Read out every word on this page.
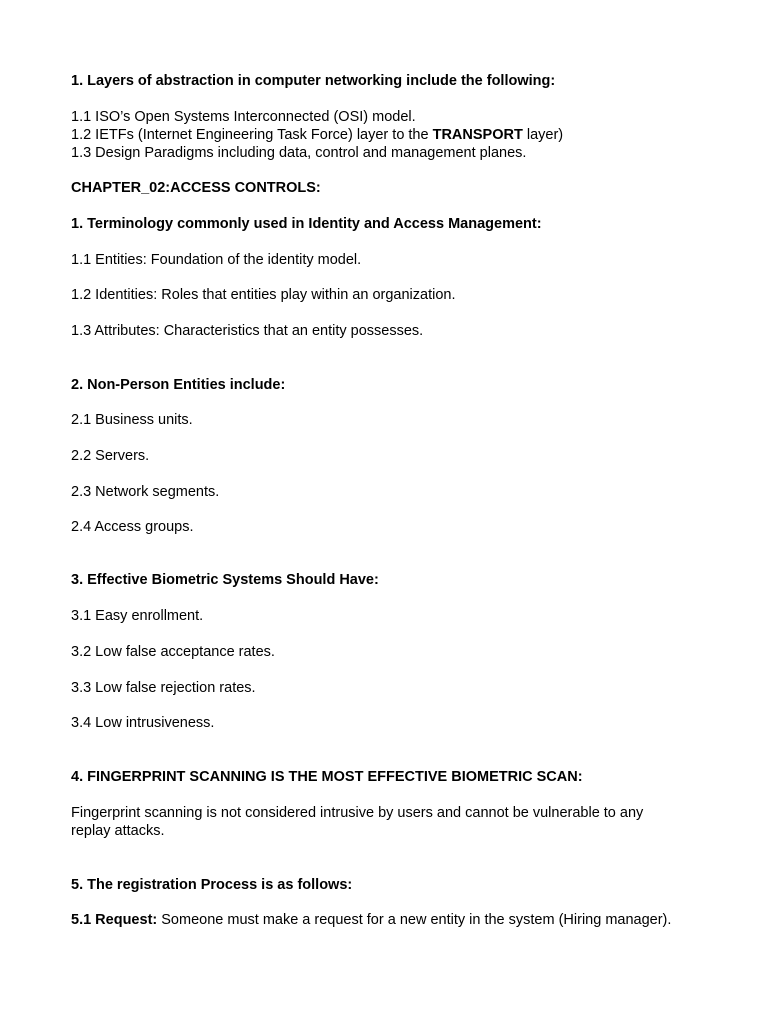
1. Layers of abstraction in computer networking include the following:
1.1 ISO’s Open Systems Interconnected (OSI) model.
1.2 IETFs (Internet Engineering Task Force) layer to the TRANSPORT layer)
1.3 Design Paradigms including data, control and management planes.
CHAPTER_02:ACCESS CONTROLS:
1. Terminology commonly used in Identity and Access Management:
1.1 Entities: Foundation of the identity model.
1.2 Identities: Roles that entities play within an organization.
1.3 Attributes: Characteristics that an entity possesses.
2. Non-Person Entities include:
2.1 Business units.
2.2 Servers.
2.3 Network segments.
2.4 Access groups.
3. Effective Biometric Systems Should Have:
3.1 Easy enrollment.
3.2 Low false acceptance rates.
3.3 Low false rejection rates.
3.4 Low intrusiveness.
4. FINGERPRINT SCANNING IS THE MOST EFFECTIVE BIOMETRIC SCAN:
Fingerprint scanning is not considered intrusive by users and cannot be vulnerable to any replay attacks.
5. The registration Process is as follows:
5.1 Request: Someone must make a request for a new entity in the system (Hiring manager).
